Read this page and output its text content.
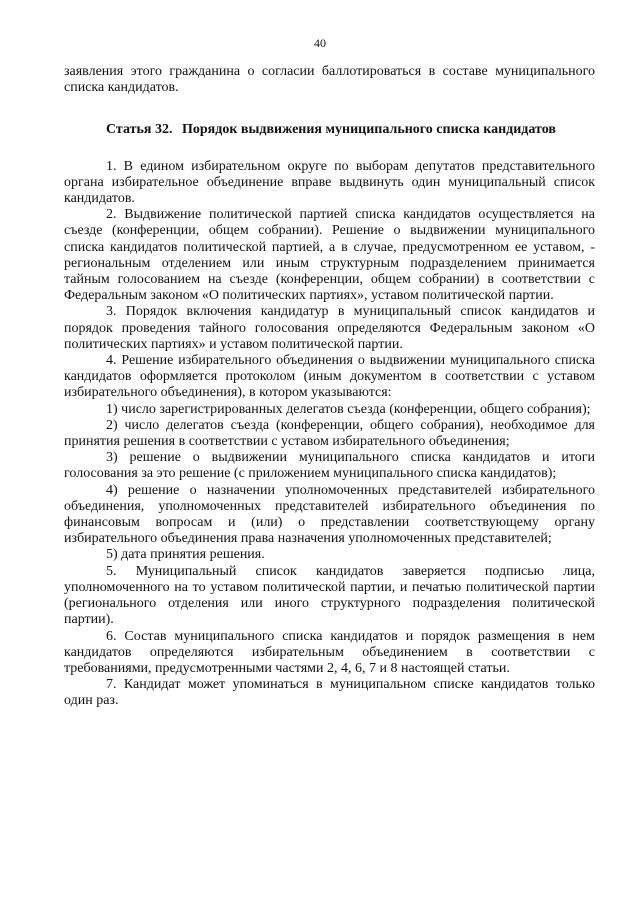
40

заявления этого гражданина о согласии баллотироваться в составе муниципального списка кандидатов.

Статья 32. Порядок выдвижения муниципального списка кандидатов

1. В едином избирательном округе по выборам депутатов представительного органа избирательное объединение вправе выдвинуть один муниципальный список кандидатов.

2. Выдвижение политической партией списка кандидатов осуществляется на съезде (конференции, общем собрании). Решение о выдвижении муниципального списка кандидатов политической партией, а в случае, предусмотренном ее уставом, - региональным отделением или иным структурным подразделением принимается тайным голосованием на съезде (конференции, общем собрании) в соответствии с Федеральным законом «О политических партиях», уставом политической партии.

3. Порядок включения кандидатур в муниципальный список кандидатов и порядок проведения тайного голосования определяются Федеральным законом «О политических партиях» и уставом политической партии.

4. Решение избирательного объединения о выдвижении муниципального списка кандидатов оформляется протоколом (иным документом в соответствии с уставом избирательного объединения), в котором указываются:

1) число зарегистрированных делегатов съезда (конференции, общего собрания);

2) число делегатов съезда (конференции, общего собрания), необходимое для принятия решения в соответствии с уставом избирательного объединения;

3) решение о выдвижении муниципального списка кандидатов и итоги голосования за это решение (с приложением муниципального списка кандидатов);

4) решение о назначении уполномоченных представителей избирательного объединения, уполномоченных представителей избирательного объединения по финансовым вопросам и (или) о представлении соответствующему органу избирательного объединения права назначения уполномоченных представителей;

5) дата принятия решения.

5. Муниципальный список кандидатов заверяется подписью лица, уполномоченного на то уставом политической партии, и печатью политической партии (регионального отделения или иного структурного подразделения политической партии).

6. Состав муниципального списка кандидатов и порядок размещения в нем кандидатов определяются избирательным объединением в соответствии с требованиями, предусмотренными частями 2, 4, 6, 7 и 8 настоящей статьи.

7. Кандидат может упоминаться в муниципальном списке кандидатов только один раз.
